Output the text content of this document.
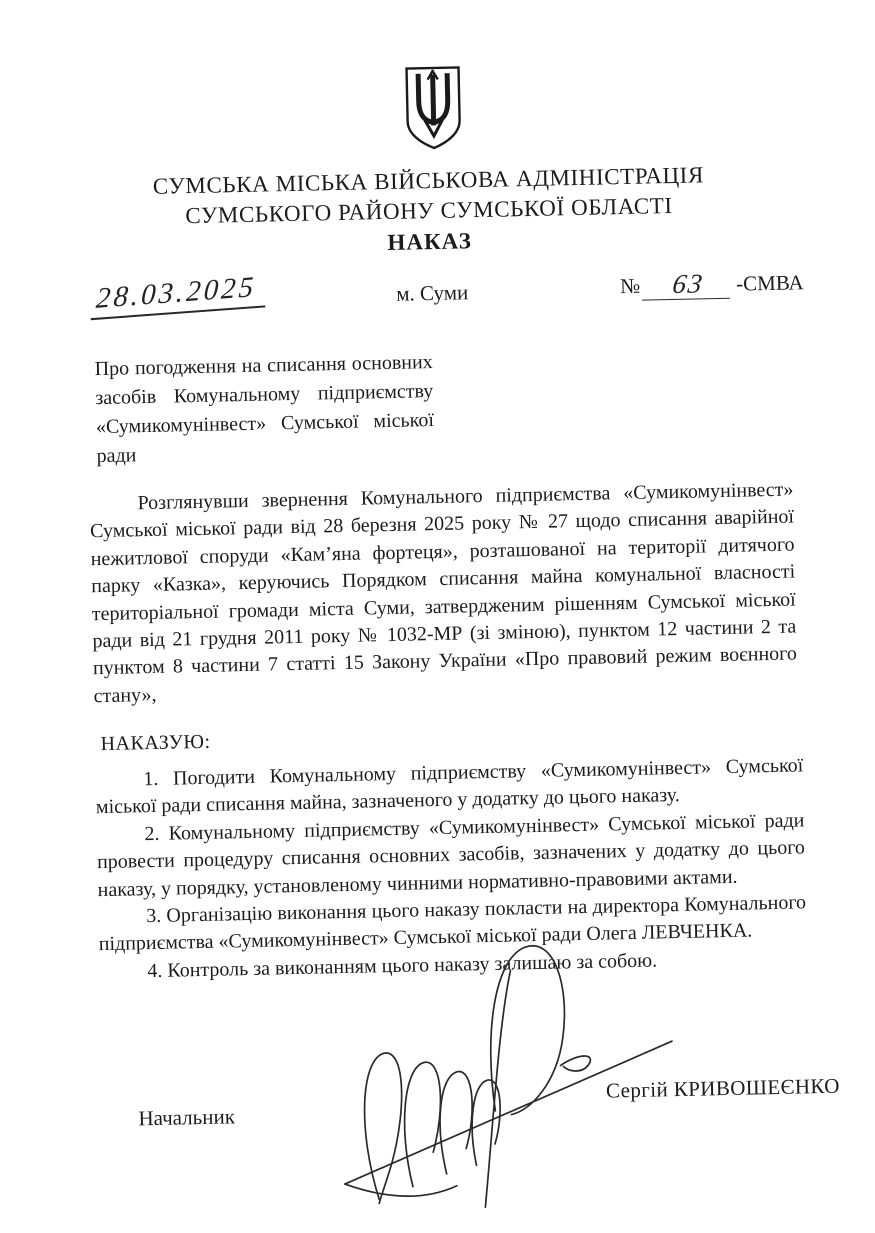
СУМСЬКА МІСЬКА ВІЙСЬКОВА АДМІНІСТРАЦІЯ
СУМСЬКОГО РАЙОНУ СУМСЬКОЇ ОБЛАСТІ
НАКАЗ
28.03.2025	м. Суми	№	63	-СМВА
Про погодження на списання основних засобів Комунальному підприємству «Сумикомунінвест» Сумської міської ради
Розглянувши звернення Комунального підприємства «Сумикомунінвест» Сумської міської ради від 28 березня 2025 року № 27 щодо списання аварійної нежитлової споруди «Кам’яна фортеця», розташованої на території дитячого парку «Казка», керуючись Порядком списання майна комунальної власності територіальної громади міста Суми, затвердженим рішенням Сумської міської ради від 21 грудня 2011 року № 1032-МР (зі зміною), пунктом 12 частини 2 та пунктом 8 частини 7 статті 15 Закону України «Про правовий режим воєнного стану»,
НАКАЗУЮ:

1. Погодити Комунальному підприємству «Сумикомунінвест» Сумської міської ради списання майна, зазначеного у додатку до цього наказу.

2. Комунальному підприємству «Сумикомунінвест» Сумської міської ради провести процедуру списання основних засобів, зазначених у додатку до цього наказу, у порядку, установленому чинними нормативно-правовими актами.

3. Організацію виконання цього наказу покласти на директора Комунального підприємства «Сумикомунінвест» Сумської міської ради Олега ЛЕВЧЕНКА.

4. Контроль за виконанням цього наказу залишаю за собою.

Начальник
Сергій КРИВОШЕЄНКО
